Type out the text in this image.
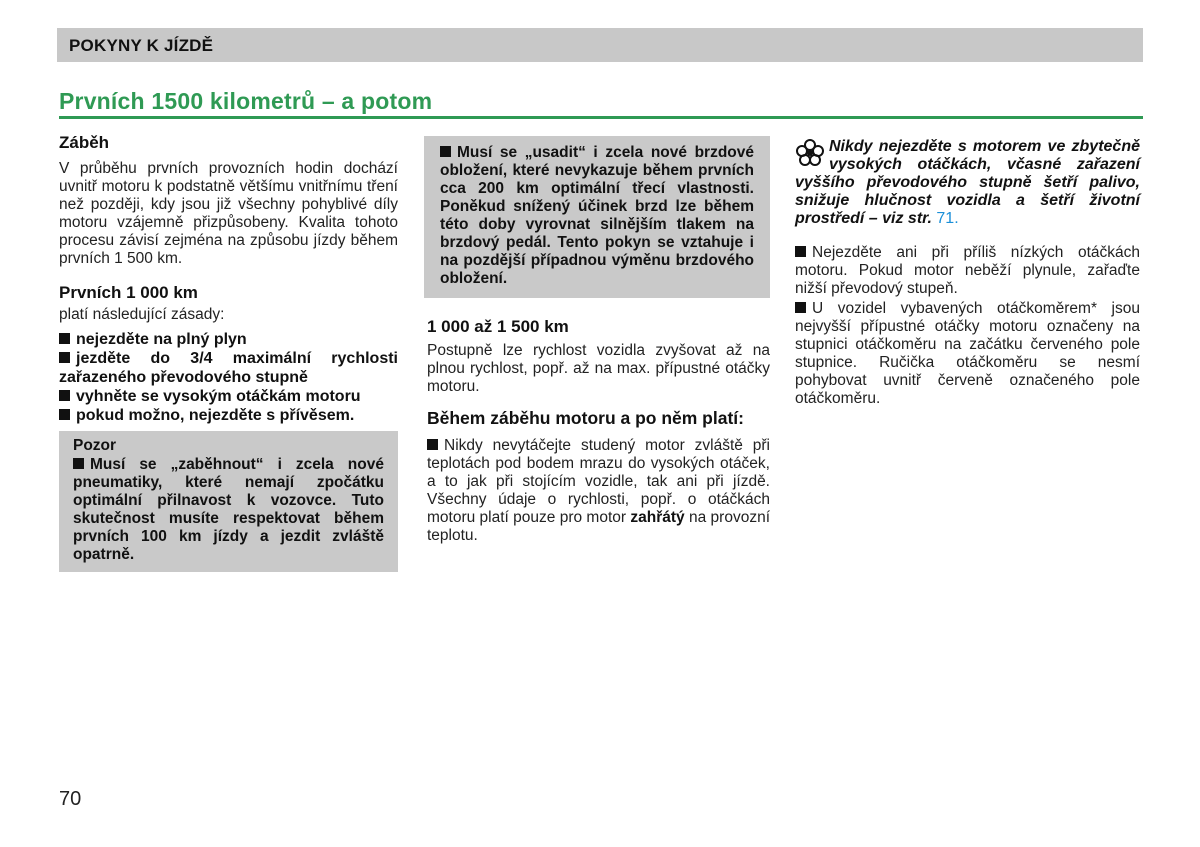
POKYNY K JÍZDĚ
Prvních 1500 kilometrů – a potom
Záběh

V průběhu prvních provozních hodin dochází uvnitř motoru k podstatně většímu vnitřnímu tření než později, kdy jsou již všechny pohyblivé díly motoru vzájemně přizpůsobeny. Kvalita tohoto procesu závisí zejména na způsobu jízdy během prvních 1 500 km.

Prvních 1 000 km

platí následující zásady:

nejezděte na plný plyn
jezděte do 3/4 maximální rychlosti zařazeného převodového stupně
vyhněte se vysokým otáčkám motoru
pokud možno, nejezděte s přívěsem.
Pozor
Musí se „zaběhnout“ i zcela nové pneumatiky, které nemají zpočátku optimální přilnavost k vozovce. Tuto skutečnost musíte respektovat během prvních 100 km jízdy a jezdit zvláště opatrně.
Musí se „usadit“ i zcela nové brzdové obložení, které nevykazuje během prvních cca 200 km optimální třecí vlastnosti. Poněkud snížený účinek brzd lze během této doby vyrovnat silnějším tlakem na brzdový pedál. Tento pokyn se vztahuje i na pozdější případnou výměnu brzdového obložení.
1 000 až 1 500 km

Postupně lze rychlost vozidla zvyšovat až na plnou rychlost, popř. až na max. přípustné otáčky motoru.

Během záběhu motoru a po něm platí:

Nikdy nevytáčejte studený motor zvláště při teplotách pod bodem mrazu do vysokých otáček, a to jak při stojícím vozidle, tak ani při jízdě. Všechny údaje o rychlosti, popř. o otáčkách motoru platí pouze pro motor zahřátý na provozní teplotu.

Nikdy nejezděte s motorem ve zbytečně vysokých otáčkách, včasné zařazení vyššího převodového stupně šetří palivo, snižuje hlučnost vozidla a šetří životní prostředí – viz str. 71.

Nejezděte ani při příliš nízkých otáčkách motoru. Pokud motor neběží plynule, zařaďte nižší převodový stupeň.

U vozidel vybavených otáčkoměrem* jsou nejvyšší přípustné otáčky motoru označeny na stupnici otáčkoměru na začátku červeného pole stupnice. Ručička otáčkoměru se nesmí pohybovat uvnitř červeně označeného pole otáčkoměru.

70
